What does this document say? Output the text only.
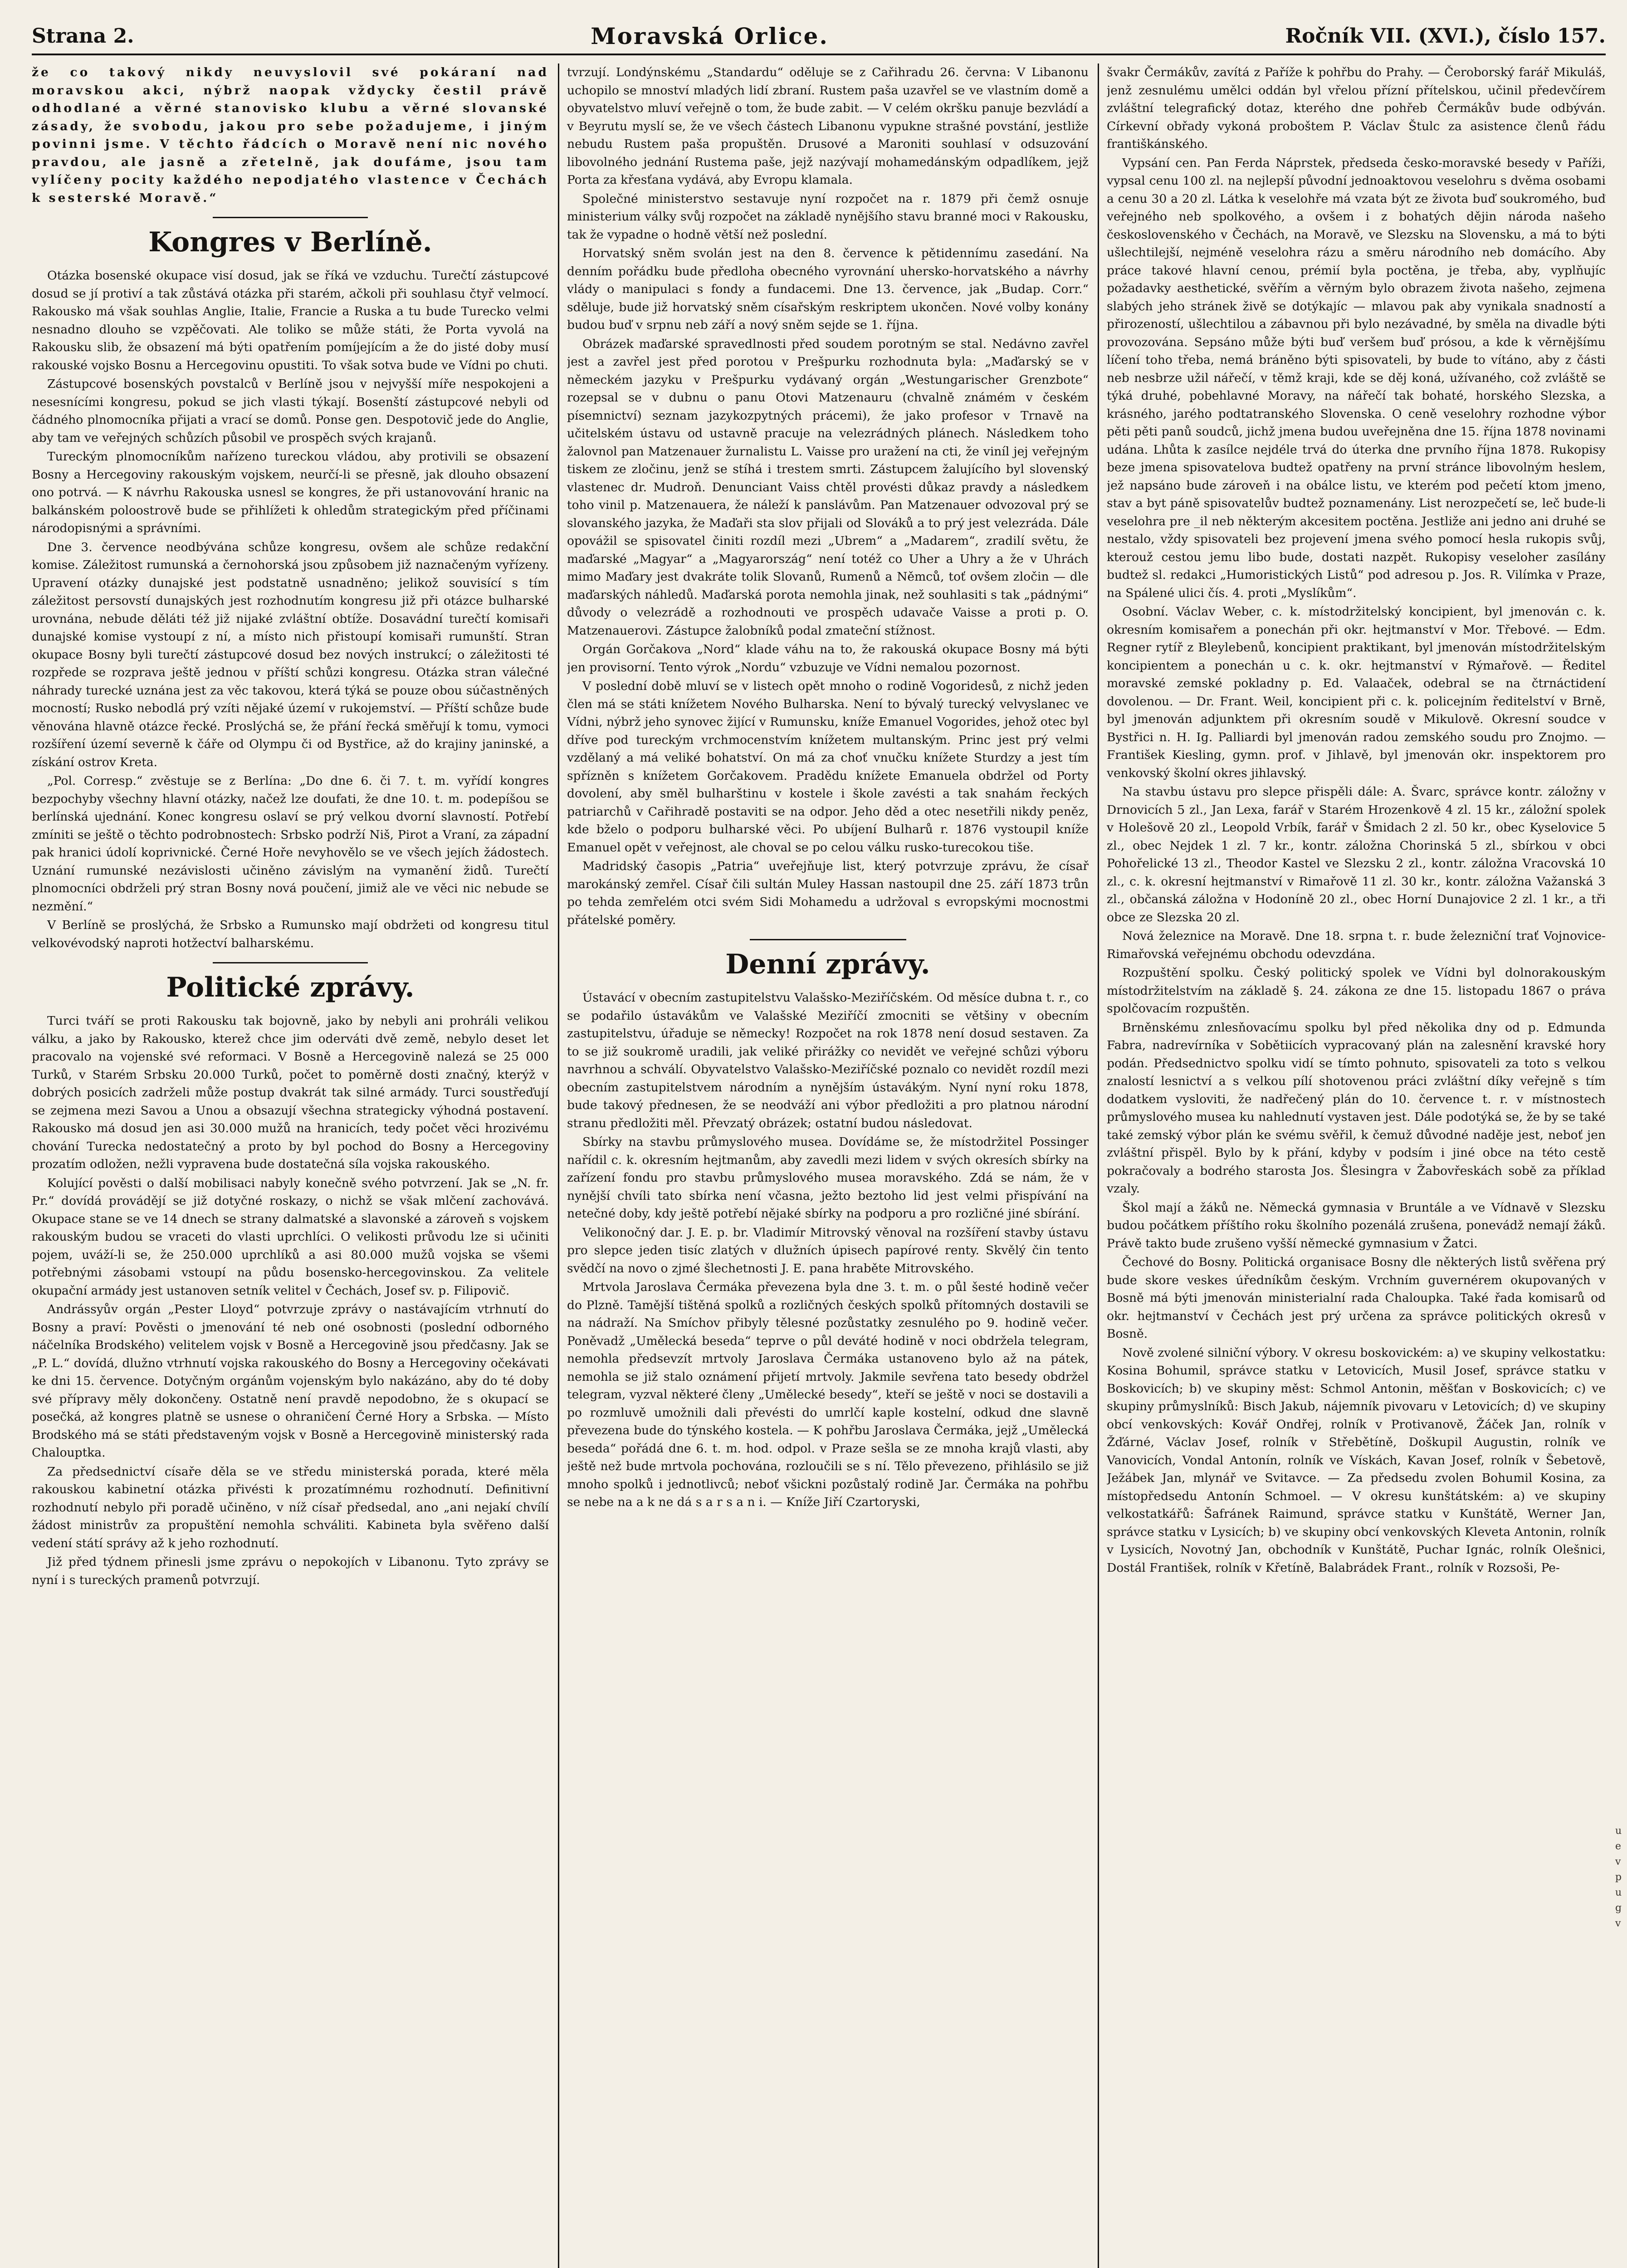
Strana 2.	Moravská Orlice.	Ročník VII. (XVI.), číslo 157.

že co takový nikdy neuvyslovil své pokáraní nad moravskou akci, nýbrž naopak vždycky čestil právě odhodlané a věrné stanovisko klubu a věrné slovanské zásady, že svobodu, jakou pro sebe požadujeme, i jiným povinni jsme. V těchto řádcích o Moravě není nic nového pravdou, ale jasně a zřetelně, jak doufáme, jsou tam vylíčeny pocity každého nepodjatého vlastence v Čechách k sesterské Moravě.“

Kongres v Berlíně.

Otázka bosenské okupace visí dosud, jak se říká ve vzduchu. Turečtí zástupcové dosud se jí protiví a tak zůstává otázka při starém, ačkoli při souhlasu čtyř velmocí. Rakousko má však souhlas Anglie, Italie, Francie a Ruska a tu bude Turecko velmi nesnadno dlouho se vzpěčovati. Ale toliko se může státi, že Porta vyvolá na Rakousku slib, že obsazení má býti opatřením pomíjejícím a že do jisté doby musí rakouské vojsko Bosnu a Hercegovinu opustiti. To však sotva bude ve Vídni po chuti.

Zástupcové bosenských povstalců v Berlíně jsou v nejvyšší míře nespokojeni a nesesnícími kongresu, pokud se jich vlasti týkají. Bosenští zástupcové nebyli od čádného plnomocníka přijati a vrací se domů. Ponse gen. Despotovič jede do Anglie, aby tam ve veřejných schůzích působil ve prospěch svých krajanů.

Tureckým plnomocníkům nařízeno tureckou vládou, aby protivili se obsazení Bosny a Hercegoviny rakouským vojskem, neurčí-li se přesně, jak dlouho obsazení ono potrvá. — K návrhu Rakouska usnesl se kongres, že při ustanovování hranic na balkánském poloostrově bude se přihlížeti k ohledům strategickým před příčinami národopisnými a správními.

Dne 3. července neodbývána schůze kongresu, ovšem ale schůze redakční komise. Záležitost rumunská a černohorská jsou způsobem již naznačeným vyřízeny. Upravení otázky dunajské jest podstatně usnadněno; jelikož souvisící s tím záležitost persovstí dunajských jest rozhodnutím kongresu již při otázce bulharské urovnána, nebude děláti též již nijaké zvláštní obtíže. Dosavádní turečtí komisaři dunajské komise vystoupí z ní, a místo nich přistoupí komisaři rumunští. Stran okupace Bosny byli turečtí zástupcové dosud bez nových instrukcí; o záležitosti té rozpřede se rozprava ještě jednou v příští schůzi kongresu. Otázka stran válečné náhrady turecké uznána jest za věc takovou, která týká se pouze obou súčastněných mocností; Rusko nebodlá prý vzíti nějaké území v rukojemství. — Příští schůze bude věnována hlavně otázce řecké. Proslýchá se, že přání řecká směřují k tomu, vymoci rozšíření území severně k čáře od Olympu či od Bystřice, až do krajiny janinské, a získání ostrov Kreta.

„Pol. Corresp.“ zvěstuje se z Berlína: „Do dne 6. či 7. t. m. vyřídí kongres bezpochyby všechny hlavní otázky, načež lze doufati, že dne 10. t. m. podepíšou se berlínská ujednání. Konec kongresu oslaví se prý velkou dvorní slavností. Potřebí zmíniti se ještě o těchto podrobnostech: Srbsko podrží Niš, Pirot a Vraní, za západní pak hranici údolí koprivnické. Černé Hoře nevyhovělo se ve všech jejích žádostech. Uznání rumunské nezávislosti učiněno závislým na vymanění židů. Turečtí plnomocníci obdrželi prý stran Bosny nová poučení, jimiž ale ve věci nic nebude se nezmění.“

V Berlíně se proslýchá, že Srbsko a Rumunsko mají obdržeti od kongresu titul velkovévodský naproti hotžectví balharskému.

Politické zprávy.

Turci tváří se proti Rakousku tak bojovně, jako by nebyli ani prohráli velikou válku, a jako by Rakousko, kterež chce jim oderváti dvě země, nebylo deset let pracovalo na vojenské své reformaci. V Bosně a Hercegovině nalezá se 25 000 Turků, v Starém Srbsku 20.000 Turků, počet to poměrně dosti značný, kterýž v dobrých posicích zadrželi může postup dvakrát tak silné armády. Turci soustřeďují se zejmena mezi Savou a Unou a obsazují všechna strategicky výhodná postavení. Rakousko má dosud jen asi 30.000 mužů na hranicích, tedy počet věci hrozivému chování Turecka nedostatečný a proto by byl pochod do Bosny a Hercegoviny prozatím odložen, nežli vypravena bude dostatečná síla vojska rakouského.

Kolující pověsti o další mobilisaci nabyly konečně svého potvrzení. Jak se „N. fr. Pr.“ dovídá provádějí se již dotyčné roskazy, o nichž se však mlčení zachovává. Okupace stane se ve 14 dnech se strany dalmatské a slavonské a zároveň s vojskem rakouským budou se vraceti do vlasti uprchlíci. O velikosti průvodu lze si učiniti pojem, uváží-li se, že 250.000 uprchlíků a asi 80.000 mužů vojska se všemi potřebnými zásobami vstoupí na půdu bosensko-hercegovinskou. Za velitele okupační armády jest ustanoven setník velitel v Čechách, Josef sv. p. Filipovič.

Andrássyův orgán „Pester Lloyd“ potvrzuje zprávy o nastávajícím vtrhnutí do Bosny a praví: Pověsti o jmenování té neb oné osobnosti (poslední odborného náčelníka Brodského) velitelem vojsk v Bosně a Hercegovině jsou předčasny. Jak se „P. L.“ dovídá, dlužno vtrhnutí vojska rakouského do Bosny a Hercegoviny očekávati ke dni 15. července. Dotyčným orgánům vojenským bylo nakázáno, aby do té doby své přípravy měly dokončeny. Ostatně není pravdě nepodobno, že s okupací se posečká, až kongres platně se usnese o ohraničení Černé Hory a Srbska. — Místo Brodského má se státi představeným vojsk v Bosně a Hercegovině ministerský rada Chalouptka.

Za předsednictví císaře děla se ve středu ministerská porada, které měla rakouskou kabinetní otázka přivésti k prozatímnému rozhodnutí. Definitivní rozhodnutí nebylo při poradě učiněno, v níž císař předsedal, ano „ani nejakí chvílí žádost ministrův za propuštění nemohla schváliti. Kabineta byla svěřeno další vedení státí správy až k jeho rozhodnutí.

Již před týdnem přinesli jsme zprávu o nepokojích v Libanonu. Tyto zprávy se nyní i s tureckých pramenů potvrzují.

tvrzují. Londýnskému „Standardu“ oděluje se z Cařihradu 26. června: V Libanonu uchopilo se mnoství mladých lidí zbraní. Rustem paša uzavřel se ve vlastním domě a obyvatelstvo mluví veřejně o tom, že bude zabit. — V celém okršku panuje bezvládí a v Beyrutu myslí se, že ve všech částech Libanonu vypukne strašné povstání, jestliže nebudu Rustem paša propuštěn. Drusové a Maroniti souhlasí v odsuzování libovolného jednání Rustema paše, jejž nazývají mohamedánským odpadlíkem, jejž Porta za křesťana vydává, aby Evropu klamala.

Společné ministerstvo sestavuje nyní rozpočet na r. 1879 při čemž osnuje ministerium války svůj rozpočet na základě nynějšího stavu branné moci v Rakousku, tak že vypadne o hodně větší než poslední.

Horvatský sněm svolán jest na den 8. července k pětidennímu zasedání. Na denním pořádku bude předloha obecného vyrovnání uhersko-horvatského a návrhy vlády o manipulaci s fondy a fundacemi. Dne 13. července, jak „Budap. Corr.“ sděluje, bude již horvatský sněm císařským reskriptem ukončen. Nové volby konány budou buď v srpnu neb září a nový sněm sejde se 1. října.

Obrázek maďarské spravedlnosti před soudem porotným se stal. Nedávno zavřel jest a zavřel jest před porotou v Prešpurku rozhodnuta byla: „Maďarský se v německém jazyku v Prešpurku vydávaný orgán „Westungarischer Grenzbote“ rozepsal se v dubnu o panu Otovi Matzenauru (chvalně známém v českém písemnictví) seznam jazykozpytných prácemi), že jako profesor v Trnavě na učitelském ústavu od ustavně pracuje na velezrádných plánech. Následkem toho žalovnol pan Matzenauer žurnalistu L. Vaisse pro uražení na cti, že viníl jej veřejným tiskem ze zločinu, jenž se stíhá i trestem smrti. Zástupcem žalujícího byl slovenský vlastenec dr. Mudroň. Denunciant Vaiss chtěl provésti důkaz pravdy a následkem toho vinil p. Matzenauera, že náleží k panslávům. Pan Matzenauer odvozoval prý se slovanského jazyka, že Maďaři sta slov přijali od Slováků a to prý jest velezráda. Dále opovážil se spisovatel činiti rozdíl mezi „Ubrem“ a „Madarem“, zradilí světu, že maďarské „Magyar“ a „Magyarország“ není totéž co Uher a Uhry a že v Uhrách mimo Maďary jest dvakráte tolik Slovanů, Rumenů a Němců, toť ovšem zločin — dle maďarských náhledů. Maďarská porota nemohla jinak, než souhlasiti s tak „pádnými“ důvody o velezrádě a rozhodnouti ve prospěch udavače Vaisse a proti p. O. Matzenauerovi. Zástupce žalobníků podal zmateční stížnost.

Orgán Gorčakova „Nord“ klade váhu na to, že rakouská okupace Bosny má býti jen provisorní. Tento výrok „Nordu“ vzbuzuje ve Vídni nemalou pozornost.

V poslední době mluví se v listech opět mnoho o rodině Vogoridesů, z nichž jeden člen má se státi knížetem Nového Bulharska. Není to bývalý turecký velvyslanec ve Vídni, nýbrž jeho synovec žijící v Rumunsku, kníže Emanuel Vogorides, jehož otec byl dříve pod tureckým vrchmocenstvím knížetem multanským. Princ jest prý velmi vzdělaný a má veliké bohatství. On má za choť vnučku knížete Sturdzy a jest tím spřízněn s knížetem Gorčakovem. Pradědu knížete Emanuela obdržel od Porty dovolení, aby směl bulharštinu v kostele i škole zavésti a tak snahám řeckých patriarchů v Cařihradě postaviti se na odpor. Jeho děd a otec nesetřili nikdy peněz, kde bželo o podporu bulharské věci. Po ubíjení Bulharů r. 1876 vystoupil kníže Emanuel opět v veřejnost, ale choval se po celou válku rusko-turecokou tiše.

Madridský časopis „Patria“ uveřejňuje list, který potvrzuje zprávu, že císař marokánský zemřel. Císař čili sultán Muley Hassan nastoupil dne 25. září 1873 trůn po tehda zemřelém otci svém Sidi Mohamedu a udržoval s evropskými mocnostmi přátelské poměry.

Denní zprávy.

Ústavácí v obecním zastupitelstvu Valašsko-Meziříčském. Od měsíce dubna t. r., co se podařilo ústavákům ve Valašské Meziříčí zmocniti se většiny v obecním zastupitelstvu, úřaduje se německy! Rozpočet na rok 1878 není dosud sestaven. Za to se již soukromě uradili, jak veliké přirážky co nevidět ve veřejné schůzi výboru navrhnou a schválí. Obyvatelstvo Valašsko-Meziříčské poznalo co nevidět rozdíl mezi obecním zastupitelstvem národním a nynějším ústavákým. Nyní nyní roku 1878, bude takový přednesen, že se neodváží ani výbor předložiti a pro platnou národní stranu předložiti měl. Převzatý obrázek; ostatní budou následovat.

Sbírky na stavbu průmyslového musea. Dovídáme se, že místodržitel Possinger nařídil c. k. okresním hejtmanům, aby zavedli mezi lidem v svých okresích sbírky na zařízení fondu pro stavbu průmyslového musea moravského. Zdá se nám, že v nynější chvíli tato sbírka není včasna, ježto beztoho lid jest velmi přispívání na netečné doby, kdy ještě potřebí nějaké sbírky na podporu a pro rozličné jiné sbírání.

Velikonočný dar. J. E. p. br. Vladimír Mitrovský věnoval na rozšíření stavby ústavu pro slepce jeden tisíc zlatých v dlužních úpisech papírové renty. Skvělý čin tento svědčí na novo o zjmé šlechetnosti J. E. pana hraběte Mitrovského.

Mrtvola Jaroslava Čermáka převezena byla dne 3. t. m. o půl šesté hodině večer do Plzně. Tamější tištěná spolků a rozličných českých spolků přítomných dostavili se na nádraží. Na Smíchov přibyly tělesné pozůstatky zesnulého po 9. hodině večer. Poněvadž „Umělecká beseda“ teprve o půl deváté hodině v noci obdržela telegram, nemohla předsevzít mrtvoly Jaroslava Čermáka ustanoveno bylo až na pátek, nemohla se již stalo oznámení přijetí mrtvoly. Jakmile sevřena tato besedy obdržel telegram, vyzval některé členy „Umělecké besedy“, kteří se ještě v noci se dostavili a po rozmluvě umožnili dali převésti do umrlčí kaple kostelní, odkud dne slavně převezena bude do týnského kostela. — K pohřbu Jaroslava Čermáka, jejž „Umělecká beseda“ pořádá dne 6. t. m. hod. odpol. v Praze sešla se ze mnoha krajů vlasti, aby ještě než bude mrtvola pochována, rozloučili se s ní. Tělo převezeno, přihlásilo se již mnoho spolků i jednotlivců; neboť všickni pozůstalý rodině Jar. Čermáka na pohřbu se nebe na a k ne dá s a r s a n i. — Kníže Jiří Czartoryski,

švakr Čermákův, zavítá z Paříže k pohřbu do Prahy. — Čeroborský farář Mikuláš, jenž zesnulému umělci oddán byl vřelou přízní přítelskou, učinil předevčírem zvláštní telegrafický dotaz, kterého dne pohřeb Čermákův bude odbýván. Církevní obřady vykoná proboštem P. Václav Štulc za asistence členů řádu františkánského.

Vypsání cen. Pan Ferda Náprstek, předseda česko-moravské besedy v Paříži, vypsal cenu 100 zl. na nejlepší původní jednoaktovou veselohru s dvěma osobami a cenu 30 a 20 zl. Látka k veselohře má vzata být ze života buď soukromého, buď veřejného neb spolkového, a ovšem i z bohatých dějin národa našeho československého v Čechách, na Moravě, ve Slezsku na Slovensku, a má to býti ušlechtilejší, nejméně veselohra rázu a směru národního neb domácího. Aby práce takové hlavní cenou, prémií byla poctěna, je třeba, aby, vyplňujíc požadavky aesthetické, svěřím a věrným bylo obrazem života našeho, zejmena slabých jeho stránek živě se dotýkajíc — mlavou pak aby vynikala snadností a přirozeností, ušlechtilou a zábavnou při bylo nezávadné, by směla na divadle býti provozována. Sepsáno může býti buď veršem buď prósou, a kde k věrnějšímu líčení toho třeba, nemá bráněno býti spisovateli, by bude to vítáno, aby z části neb nesbrze užil nářečí, v těmž kraji, kde se děj koná, užívaného, což zvláště se týká druhé, pobehlavné Moravy, na nářečí tak bohaté, horského Slezska, a krásného, jarého podtatranského Slovenska. O ceně veselohry rozhodne výbor pěti pěti panů soudců, jichž jmena budou uveřejněna dne 15. října 1878 novinami udána. Lhůta k zasílce nejdéle trvá do úterka dne prvního října 1878. Rukopisy beze jmena spisovatelova budtež opatřeny na první stránce libovolným heslem, jež napsáno bude zároveň i na obálce listu, ve kterém pod pečetí ktom jmeno, stav a byt páně spisovatelův budtež poznamenány. List nerozpečetí se, leč bude-li veselohra pre _il neb některým akcesitem poctěna. Jestliže ani jedno ani druhé se nestalo, vždy spisovateli bez projevení jmena svého pomocí hesla rukopis svůj, kterouž cestou jemu libo bude, dostati nazpět. Rukopisy veseloher zasílány budtež sl. redakci „Humoristických Listů“ pod adresou p. Jos. R. Vilímka v Praze, na Spálené ulici čís. 4. proti „Myslíkům“.

Osobní. Václav Weber, c. k. místodržitelský koncipient, byl jmenován c. k. okresním komisařem a ponechán při okr. hejtmanství v Mor. Třebové. — Edm. Regner rytíř z Bleylebenů, koncipient praktikant, byl jmenován místodržitelským koncipientem a ponechán u c. k. okr. hejtmanství v Rýmařově. — Ředitel moravské zemské pokladny p. Ed. Valaaček, odebral se na čtrnáctidení dovolenou. — Dr. Frant. Weil, koncipient při c. k. policejním ředitelství v Brně, byl jmenován adjunktem při okresním soudě v Mikulově. Okresní soudce v Bystřici n. H. Ig. Palliardi byl jmenován radou zemského soudu pro Znojmo. — František Kiesling, gymn. prof. v Jihlavě, byl jmenován okr. inspektorem pro venkovský školní okres jihlavský.

Na stavbu ústavu pro slepce přispěli dále: A. Švarc, správce kontr. záložny v Drnovicích 5 zl., Jan Lexa, farář v Starém Hrozenkově 4 zl. 15 kr., záložní spolek v Holešově 20 zl., Leopold Vrbík, farář v Šmidach 2 zl. 50 kr., obec Kyselovice 5 zl., obec Nejdek 1 zl. 7 kr., kontr. záložna Chorinská 5 zl., sbírkou v obci Pohořelické 13 zl., Theodor Kastel ve Slezsku 2 zl., kontr. záložna Vracovská 10 zl., c. k. okresní hejtmanství v Rimařově 11 zl. 30 kr., kontr. záložna Važanská 3 zl., občanská záložna v Hodoníně 20 zl., obec Horní Dunajovice 2 zl. 1 kr., a tři obce ze Slezska 20 zl.

Nová železnice na Moravě. Dne 18. srpna t. r. bude železniční trať Vojnovice-Rimařovská veřejnému obchodu odevzdána.

Rozpuštění spolku. Český politický spolek ve Vídni byl dolnorakouským místodržitelstvím na základě §. 24. zákona ze dne 15. listopadu 1867 o práva spolčovacím rozpuštěn.

Brněnskému znlesňovacímu spolku byl před několika dny od p. Edmunda Fabra, nadrevírníka v Sobětiicích vypracovaný plán na zalesnění kravské hory podán. Předsednictvo spolku vidí se tímto pohnuto, spisovateli za toto s velkou znalostí lesnictví a s velkou pílí shotovenou práci zvláštní díky veřejně s tím dodatkem vysloviti, že nadřečený plán do 10. července t. r. v místnostech průmyslového musea ku nahlednutí vystaven jest. Dále podotýká se, že by se také také zemský výbor plán ke svému svěřil, k čemuž důvodné naděje jest, neboť jen zvláštní přispěl. Bylo by k přání, kdyby v podsím i jiné obce na této cestě pokračovaly a bodrého starosta Jos. Šlesingra v Žabovřeskách sobě za příklad vzaly.

Škol mají a žáků ne. Německá gymnasia v Bruntále a ve Vídnavě v Slezsku budou počátkem příštího roku školního pozenálá zrušena, ponevádž nemají žáků. Právě takto bude zrušeno vyšší německé gymnasium v Žatci.

Čechové do Bosny. Politická organisace Bosny dle některých listů svěřena prý bude skore veskes úředníkům českým. Vrchním guvernérem okupovaných v Bosně má býti jmenován ministerialní rada Chaloupka. Také řada komisarů od okr. hejtmanství v Čechách jest prý určena za správce politických okresů v Bosně.

Nově zvolené silniční výbory. V okresu boskovickém: a) ve skupiny velkostatku: Kosina Bohumil, správce statku v Letovicích, Musil Josef, správce statku v Boskovicích; b) ve skupiny měst: Schmol Antonin, měšťan v Boskovicích; c) ve skupiny průmyslníků: Bisch Jakub, nájemník pivovaru v Letovicích; d) ve skupiny obcí venkovských: Kovář Ondřej, rolník v Protivanově, Žáček Jan, rolník v Žďárné, Václav Josef, rolník v Střebětíně, Doškupil Augustin, rolník ve Vanovicích, Vondal Antonín, rolník ve Vískách, Kavan Josef, rolník v Šebetově, Ježábek Jan, mlynář ve Svitavce. — Za předsedu zvolen Bohumil Kosina, za místopředsedu Antonín Schmoel. — V okresu kunštátském: a) ve skupiny velkostatkářů: Šafránek Raimund, správce statku v Kunštátě, Werner Jan, správce statku v Lysicích; b) ve skupiny obcí venkovských Kleveta Antonin, rolník v Lysicích, Novotný Jan, obchodník v Kunštátě, Puchar Ignác, rolník Olešnici, Dostál František, rolník v Křetíně, Balabrádek Frant., rolník v Rozsoši, Pe-

u e v p u g v
